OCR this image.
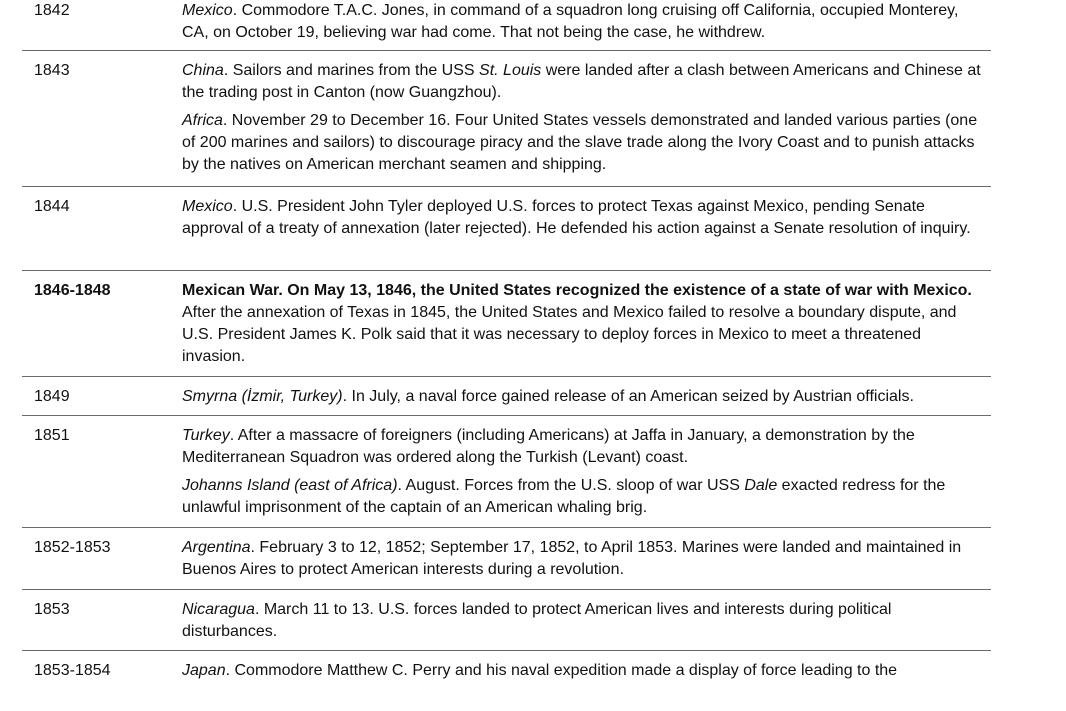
1842	Mexico. Commodore T.A.C. Jones, in command of a squadron long cruising off California, occupied Monterey, CA, on October 19, believing war had come. That not being the case, he withdrew.

1843	China. Sailors and marines from the USS St. Louis were landed after a clash between Americans and Chinese at the trading post in Canton (now Guangzhou).

Africa. November 29 to December 16. Four United States vessels demonstrated and landed various parties (one of 200 marines and sailors) to discourage piracy and the slave trade along the Ivory Coast and to punish attacks by the natives on American merchant seamen and shipping.

1844	Mexico. U.S. President John Tyler deployed U.S. forces to protect Texas against Mexico, pending Senate approval of a treaty of annexation (later rejected). He defended his action against a Senate resolution of inquiry.

1846-1848	Mexican War. On May 13, 1846, the United States recognized the existence of a state of war with Mexico. After the annexation of Texas in 1845, the United States and Mexico failed to resolve a boundary dispute, and U.S. President James K. Polk said that it was necessary to deploy forces in Mexico to meet a threatened invasion.

1849	Smyrna (İzmir, Turkey). In July, a naval force gained release of an American seized by Austrian officials.

1851	Turkey. After a massacre of foreigners (including Americans) at Jaffa in January, a demonstration by the Mediterranean Squadron was ordered along the Turkish (Levant) coast.

Johanns Island (east of Africa). August. Forces from the U.S. sloop of war USS Dale exacted redress for the unlawful imprisonment of the captain of an American whaling brig.

1852-1853	Argentina. February 3 to 12, 1852; September 17, 1852, to April 1853. Marines were landed and maintained in Buenos Aires to protect American interests during a revolution.

1853	Nicaragua. March 11 to 13. U.S. forces landed to protect American lives and interests during political disturbances.

1853-1854	Japan. Commodore Matthew C. Perry and his naval expedition made a display of force leading to the
